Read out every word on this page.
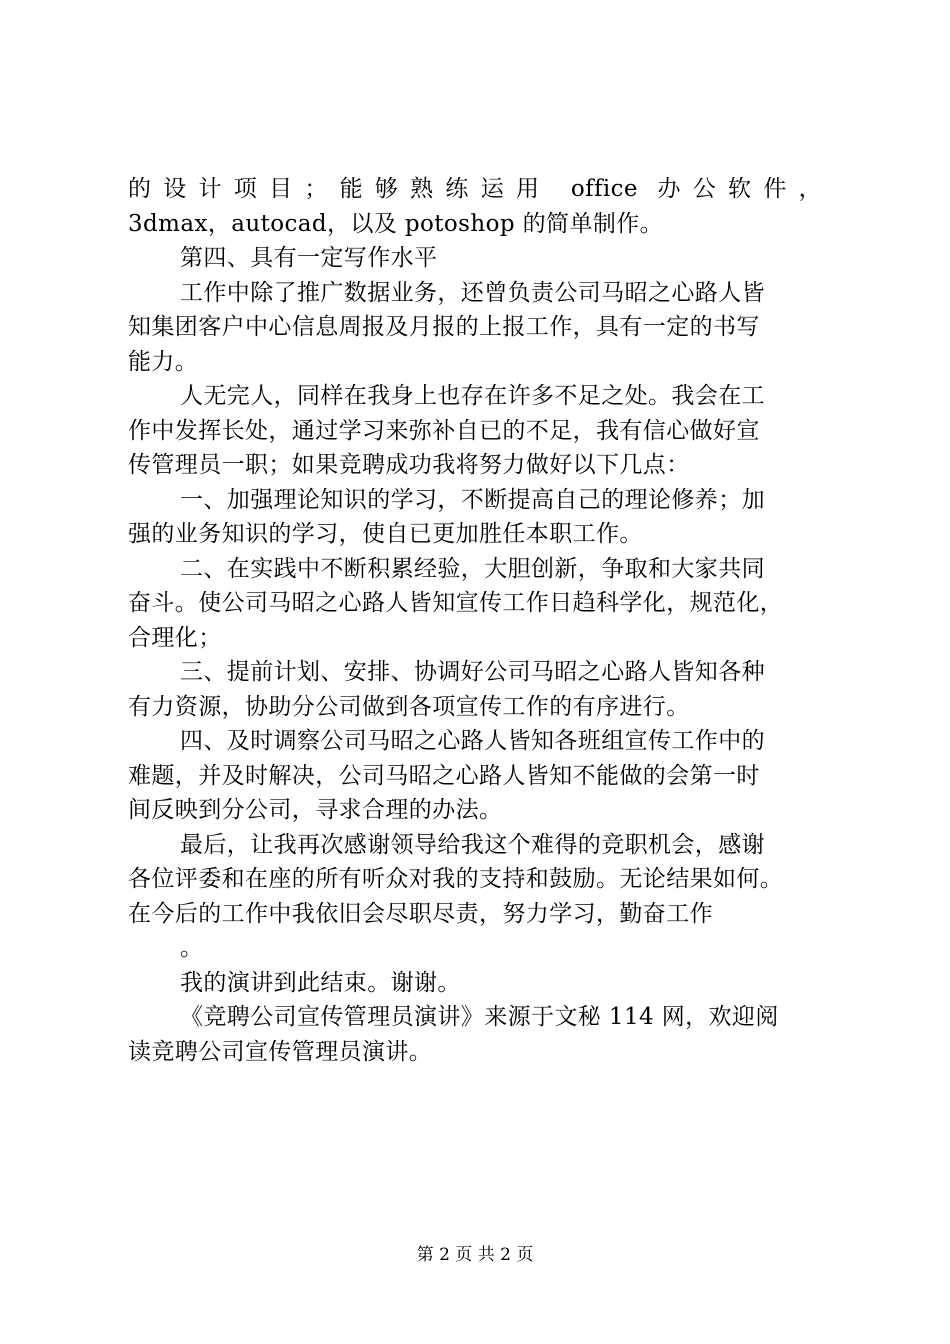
的设计项目；能够熟练运用 office 办公软件，
3dmax，autocad，以及 potoshop 的简单制作。
第四、具有一定写作水平
工作中除了推广数据业务，还曾负责公司马昭之心路人皆
知集团客户中心信息周报及月报的上报工作，具有一定的书写
能力。
人无完人，同样在我身上也存在许多不足之处。我会在工
作中发挥长处，通过学习来弥补自已的不足，我有信心做好宣
传管理员一职；如果竞聘成功我将努力做好以下几点：
一、加强理论知识的学习，不断提高自己的理论修养；加
强的业务知识的学习，使自已更加胜任本职工作。
二、在实践中不断积累经验，大胆创新，争取和大家共同
奋斗。使公司马昭之心路人皆知宣传工作日趋科学化，规范化，
合理化；
三、提前计划、安排、协调好公司马昭之心路人皆知各种
有力资源，协助分公司做到各项宣传工作的有序进行。
四、及时调察公司马昭之心路人皆知各班组宣传工作中的
难题，并及时解决，公司马昭之心路人皆知不能做的会第一时
间反映到分公司，寻求合理的办法。
最后，让我再次感谢领导给我这个难得的竞职机会，感谢
各位评委和在座的所有听众对我的支持和鼓励。无论结果如何。
在今后的工作中我依旧会尽职尽责，努力学习，勤奋工作
。
我的演讲到此结束。谢谢。
《竞聘公司宣传管理员演讲》来源于文秘 114 网，欢迎阅
读竞聘公司宣传管理员演讲。
第 2 页 共 2 页
